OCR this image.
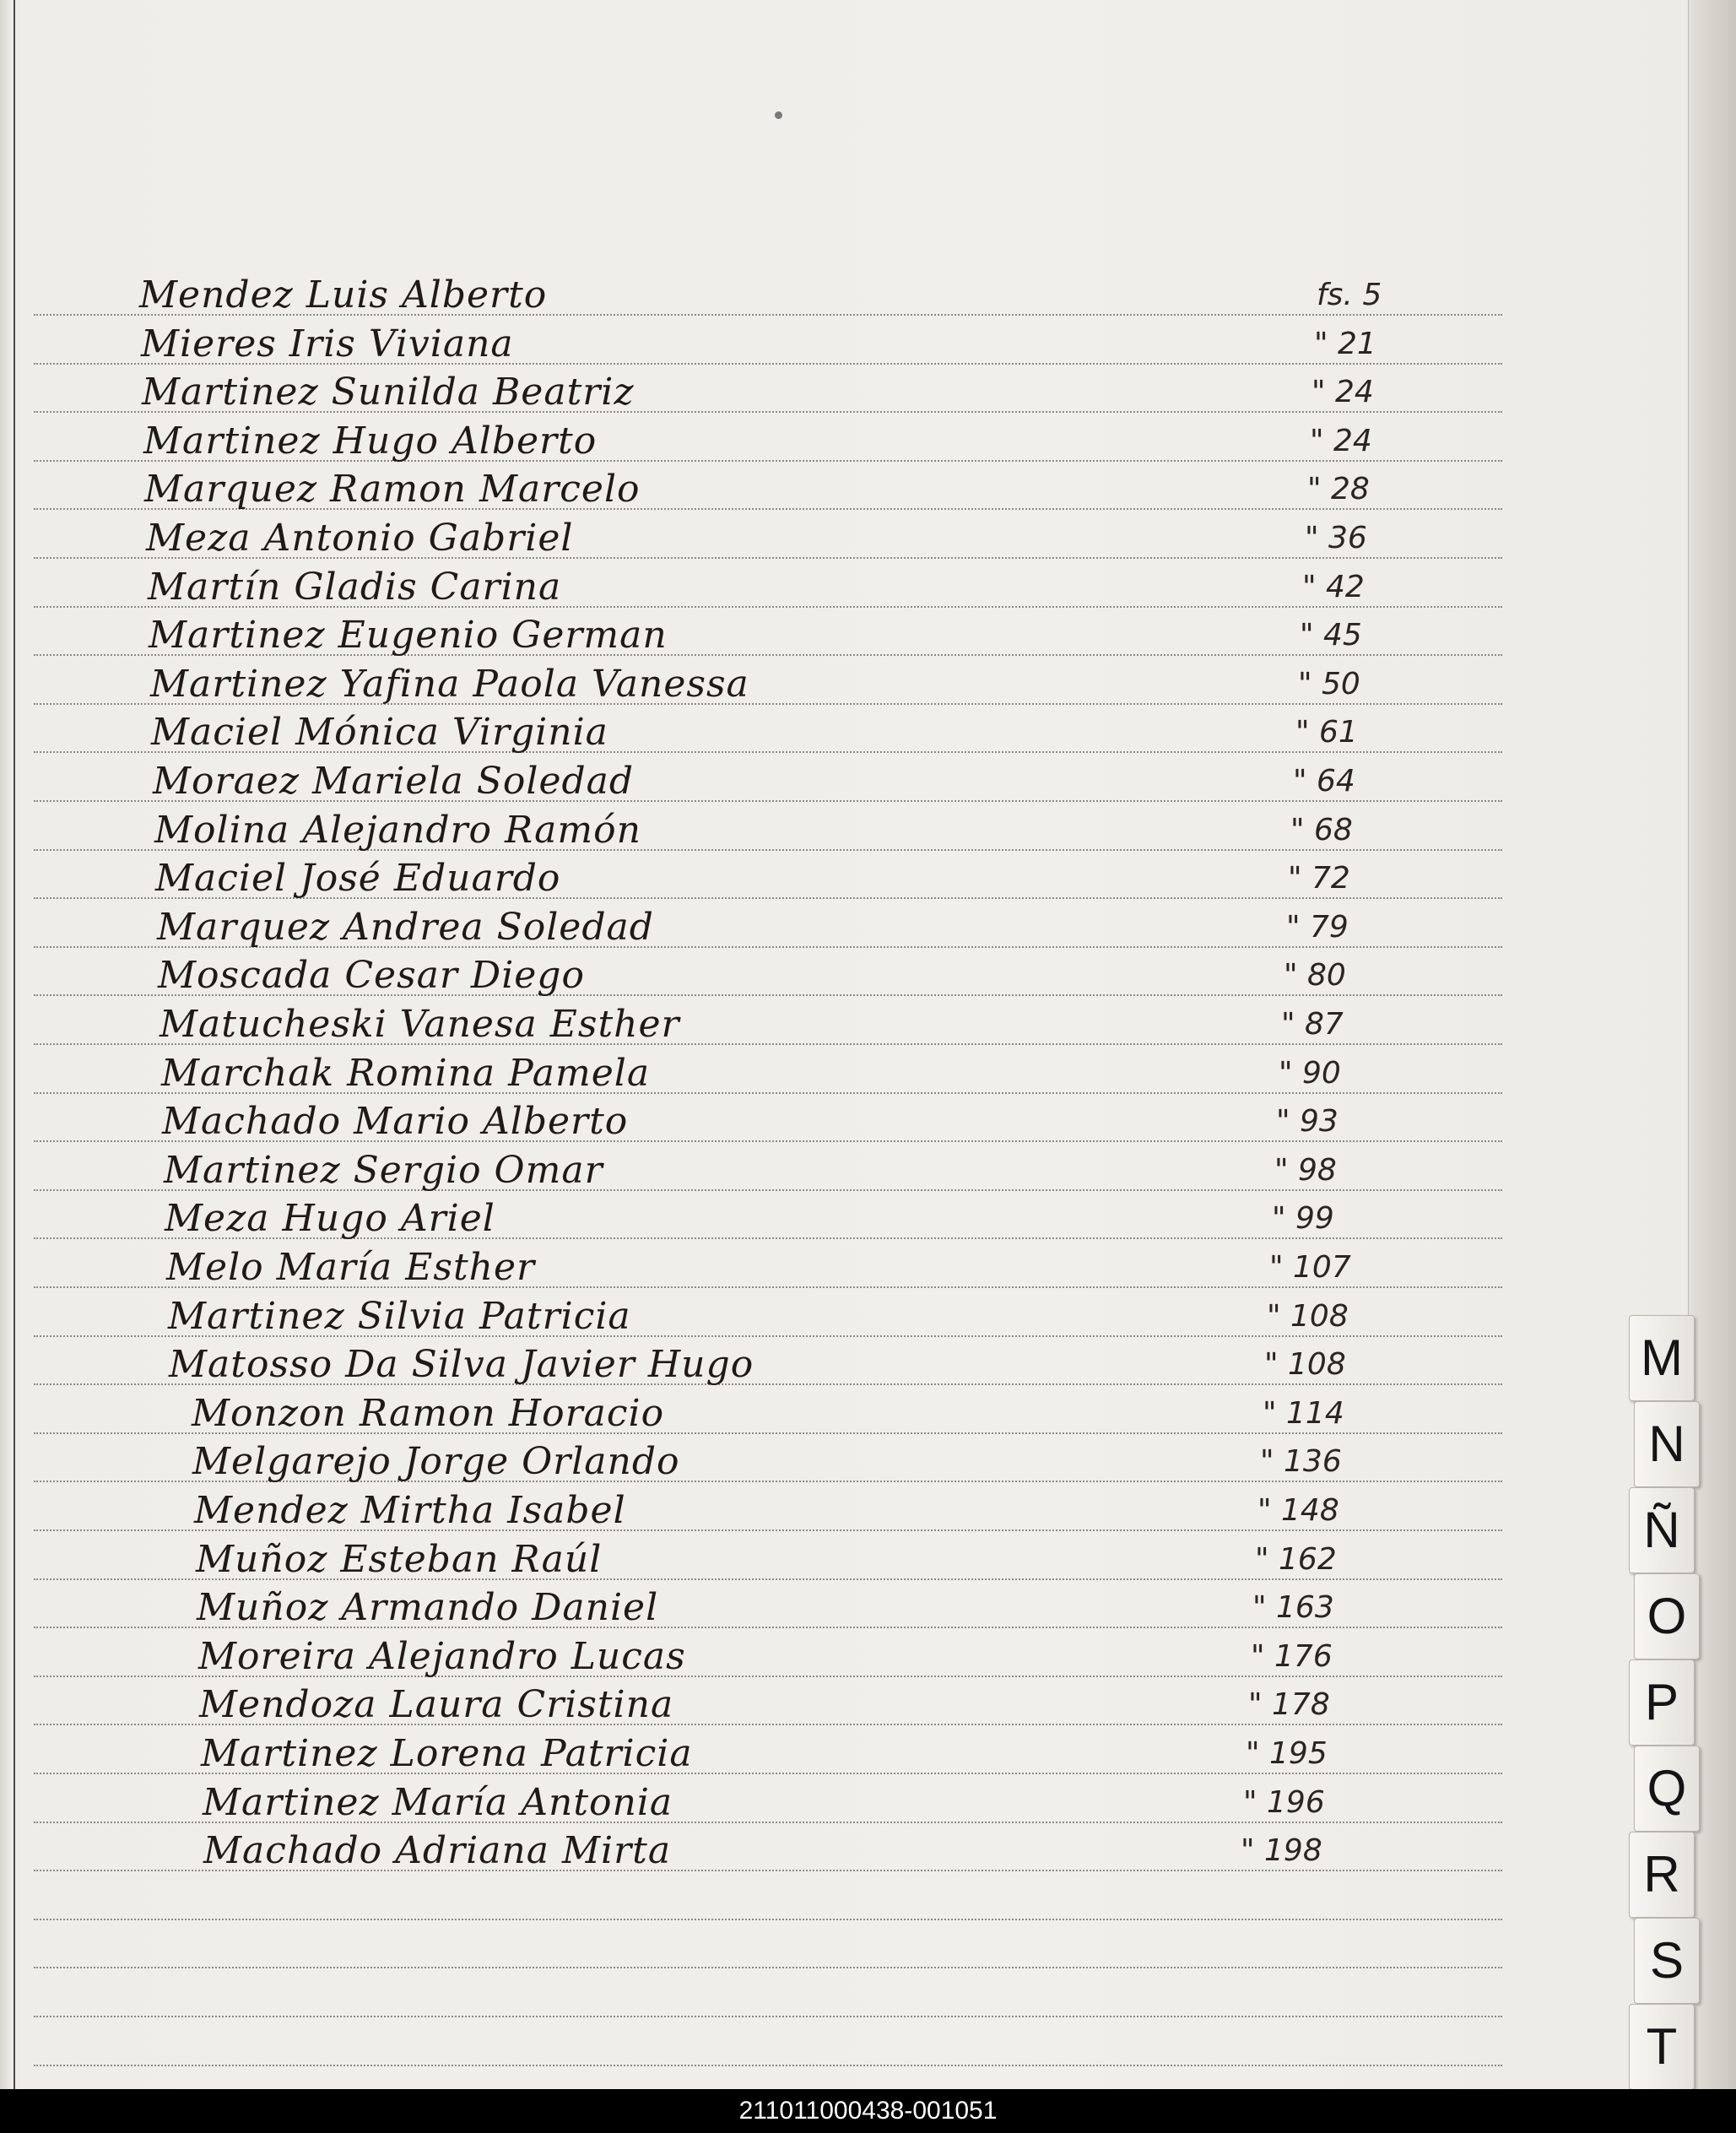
Mendez Luis Alberto	fs. 5
Mieres Iris Viviana	" 21
Martinez Sunilda Beatriz	" 24
Martinez Hugo Alberto	" 24
Marquez Ramon Marcelo	" 28
Meza Antonio Gabriel	" 36
Martín Gladis Carina	" 42
Martinez Eugenio German	" 45
Martinez Yafina Paola Vanessa	" 50
Maciel Mónica Virginia	" 61
Moraez Mariela Soledad	" 64
Molina Alejandro Ramón	" 68
Maciel José Eduardo	" 72
Marquez Andrea Soledad	" 79
Moscada Cesar Diego	" 80
Matucheski Vanesa Esther	" 87
Marchak Romina Pamela	" 90
Machado Mario Alberto	" 93
Martinez Sergio Omar	" 98
Meza Hugo Ariel	" 99
Melo María Esther	" 107
Martinez Silvia Patricia	" 108
Matosso Da Silva Javier Hugo	" 108
Monzon Ramon Horacio	" 114
Melgarejo Jorge Orlando	" 136
Mendez Mirtha Isabel	" 148
Muñoz Esteban Raúl	" 162
Muñoz Armando Daniel	" 163
Moreira Alejandro Lucas	" 176
Mendoza Laura Cristina	" 178
Martinez Lorena Patricia	" 195
Martinez María Antonia	" 196
Machado Adriana Mirta	" 198
M
N
Ñ
O
P
Q
R
S
T
211011000438-001051
